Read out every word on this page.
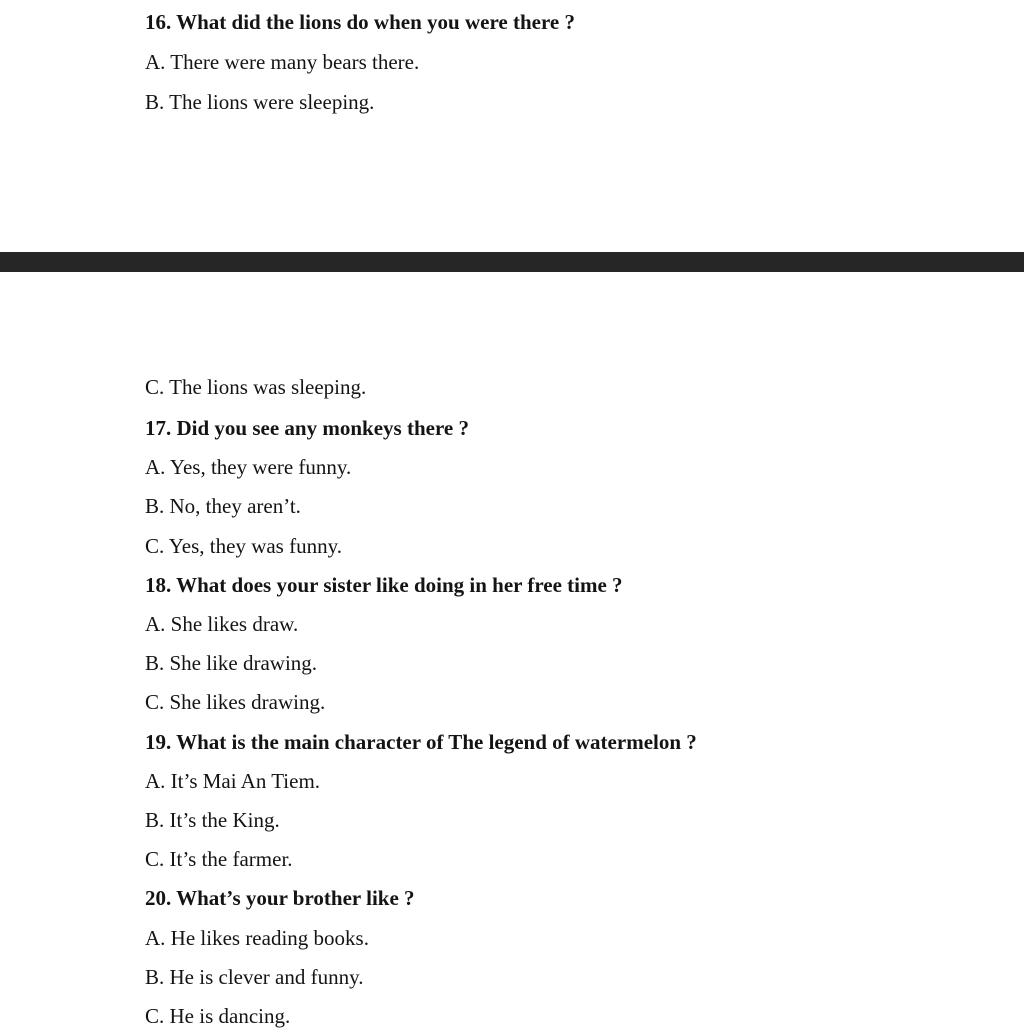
16. What did the lions do when you were there ?
A. There were many bears there.
B. The lions were sleeping.
C. The lions was sleeping.
17. Did you see any monkeys there ?
A. Yes, they were funny.
B. No, they aren’t.
C. Yes, they was funny.
18. What does your sister like doing in her free time ?
A. She likes draw.
B. She like drawing.
C. She likes drawing.
19. What is the main character of The legend of watermelon ?
A. It’s Mai An Tiem.
B. It’s the King.
C. It’s the farmer.
20. What’s your brother like ?
A. He likes reading books.
B. He is clever and funny.
C. He is dancing.
